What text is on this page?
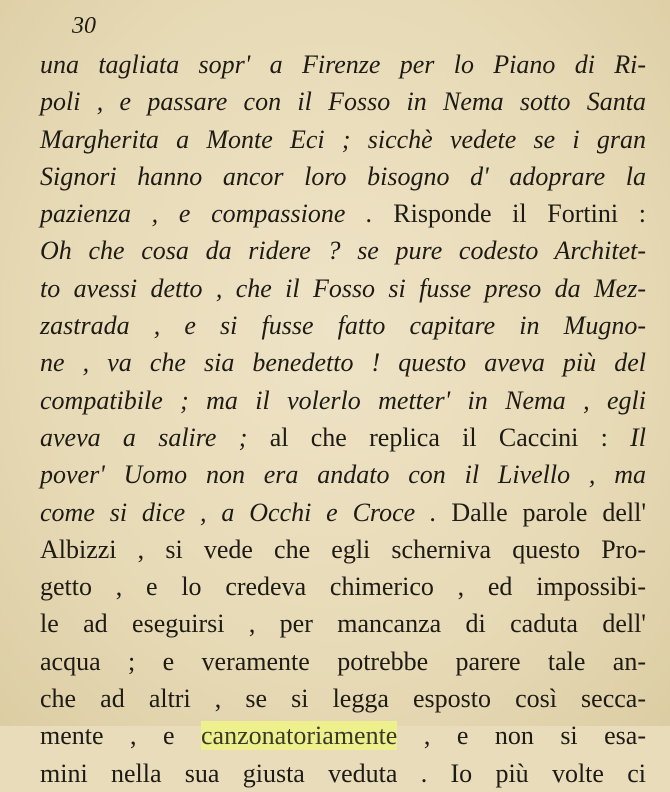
30
una tagliata sopr' a Firenze per lo Piano di Ri-
poli , e passare con il Fosso in Nema sotto Santa
Margherita a Monte Eci ; sicchè vedete se i gran
Signori hanno ancor loro bisogno d' adoprare la
pazienza , e compassione . Risponde il Fortini :
Oh che cosa da ridere ? se pure codesto Architet-
to avessi detto , che il Fosso si fusse preso da Mez-
zastrada , e si fusse fatto capitare in Mugno-
ne , va che sia benedetto ! questo aveva più del
compatibile ; ma il volerlo metter' in Nema , egli
aveva a salire ; al che replica il Caccini : Il
pover' Uomo non era andato con il Livello , ma
come si dice , a Occhi e Croce . Dalle parole dell'
Albizzi , si vede che egli scherniva questo Pro-
getto , e lo credeva chimerico , ed impossibi-
le ad eseguirsi , per mancanza di caduta dell'
acqua ; e veramente potrebbe parere tale an-
che ad altri , se si legga esposto così secca-
mente , e canzonatoriamente , e non si esa-
mini nella sua giusta veduta . Io più volte ci
